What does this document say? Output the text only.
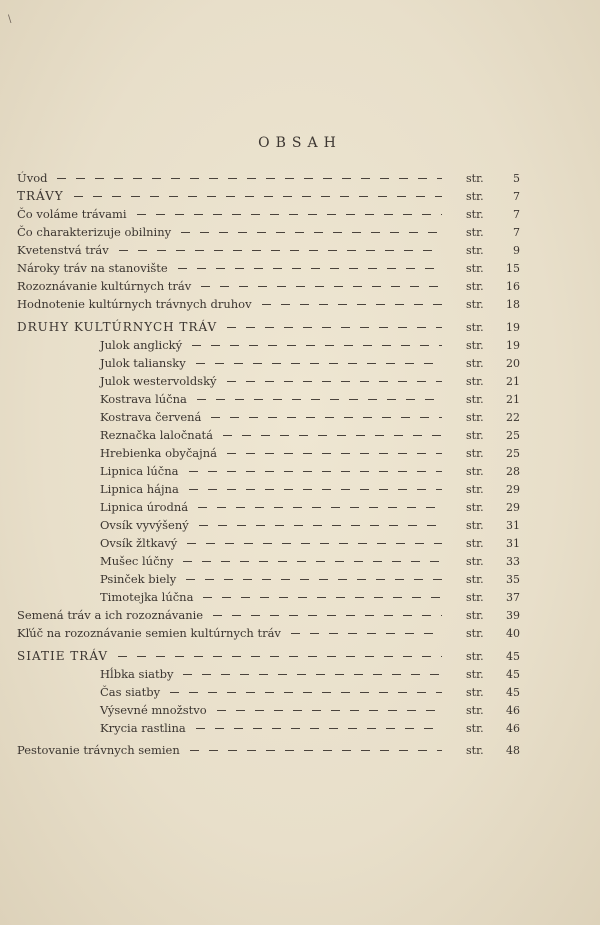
\
OBSAH
Úvod	str.	5
TRÁVY	str.	7
Čo voláme trávami	str.	7
Čo charakterizuje obilniny	str.	7
Kvetenstvá tráv	str.	9
Nároky tráv na stanovište	str.	15
Rozoznávanie kultúrnych tráv	str.	16
Hodnotenie kultúrnych trávnych druhov	str.	18
DRUHY KULTÚRNYCH TRÁV	str.	19
Julok anglický	str.	19
Julok taliansky	str.	20
Julok westervoldský	str.	21
Kostrava lúčna	str.	21
Kostrava červená	str.	22
Reznačka laločnatá	str.	25
Hrebienka obyčajná	str.	25
Lipnica lúčna	str.	28
Lipnica hájna	str.	29
Lipnica úrodná	str.	29
Ovsík vyvýšený	str.	31
Ovsík žltkavý	str.	31
Mušec lúčny	str.	33
Psinček biely	str.	35
Timotejka lúčna	str.	37
Semená tráv a ich rozoznávanie	str.	39
Kľúč na rozoznávanie semien kultúrnych tráv	str.	40
SIATIE TRÁV	str.	45
Hĺbka siatby	str.	45
Čas siatby	str.	45
Výsevné množstvo	str.	46
Krycia rastlina	str.	46
Pestovanie trávnych semien	str.	48
